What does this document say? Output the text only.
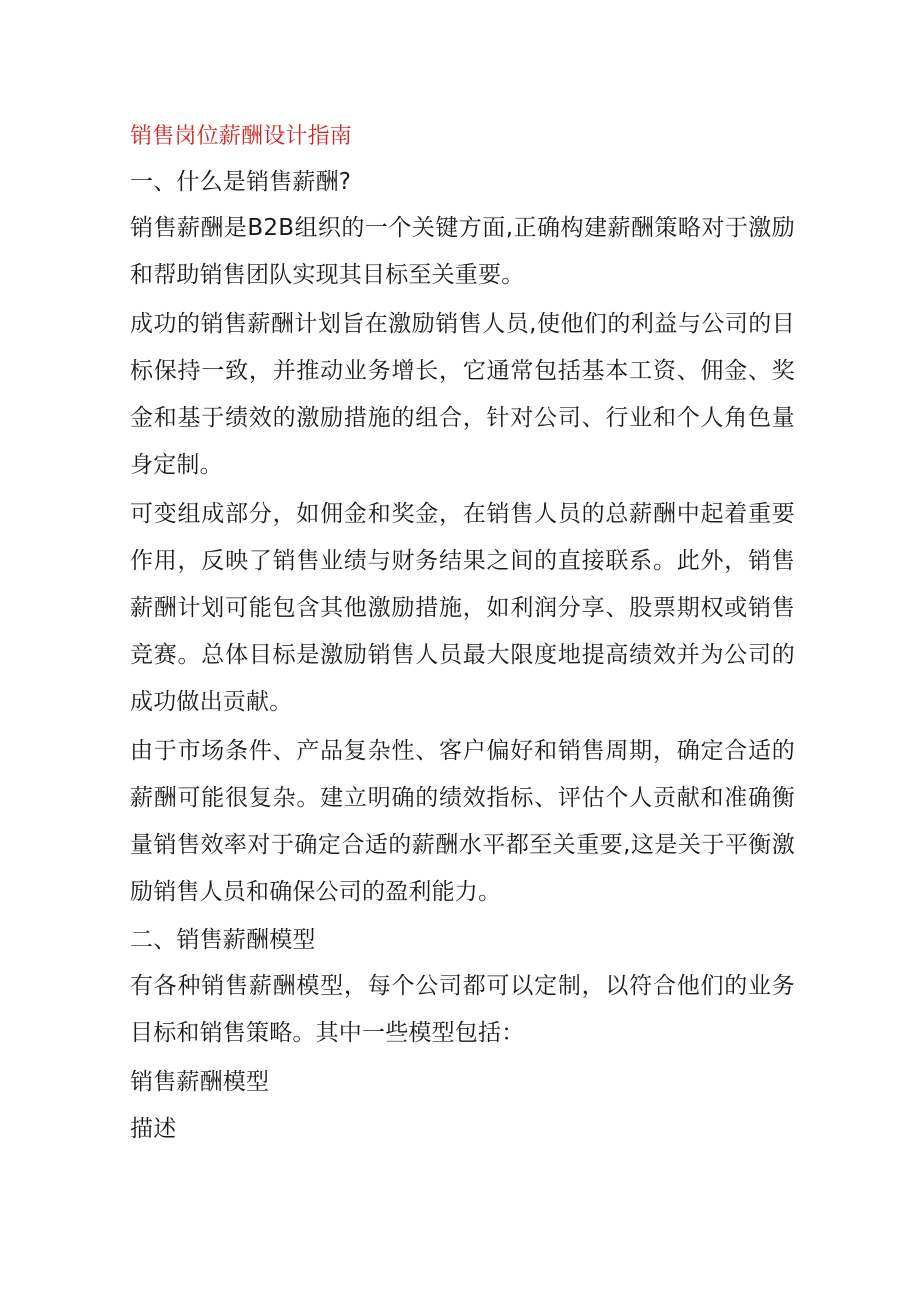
销售岗位薪酬设计指南
一、什么是销售薪酬?
销售薪酬是B2B组织的一个关键方面,正确构建薪酬策略对于激励和帮助销售团队实现其目标至关重要。
成功的销售薪酬计划旨在激励销售人员,使他们的利益与公司的目标保持一致，并推动业务增长，它通常包括基本工资、佣金、奖金和基于绩效的激励措施的组合，针对公司、行业和个人角色量身定制。
可变组成部分，如佣金和奖金，在销售人员的总薪酬中起着重要作用，反映了销售业绩与财务结果之间的直接联系。此外，销售薪酬计划可能包含其他激励措施，如利润分享、股票期权或销售竞赛。总体目标是激励销售人员最大限度地提高绩效并为公司的成功做出贡献。
由于市场条件、产品复杂性、客户偏好和销售周期，确定合适的薪酬可能很复杂。建立明确的绩效指标、评估个人贡献和准确衡量销售效率对于确定合适的薪酬水平都至关重要,这是关于平衡激励销售人员和确保公司的盈利能力。
二、销售薪酬模型
有各种销售薪酬模型，每个公司都可以定制，以符合他们的业务目标和销售策略。其中一些模型包括：
销售薪酬模型
描述
